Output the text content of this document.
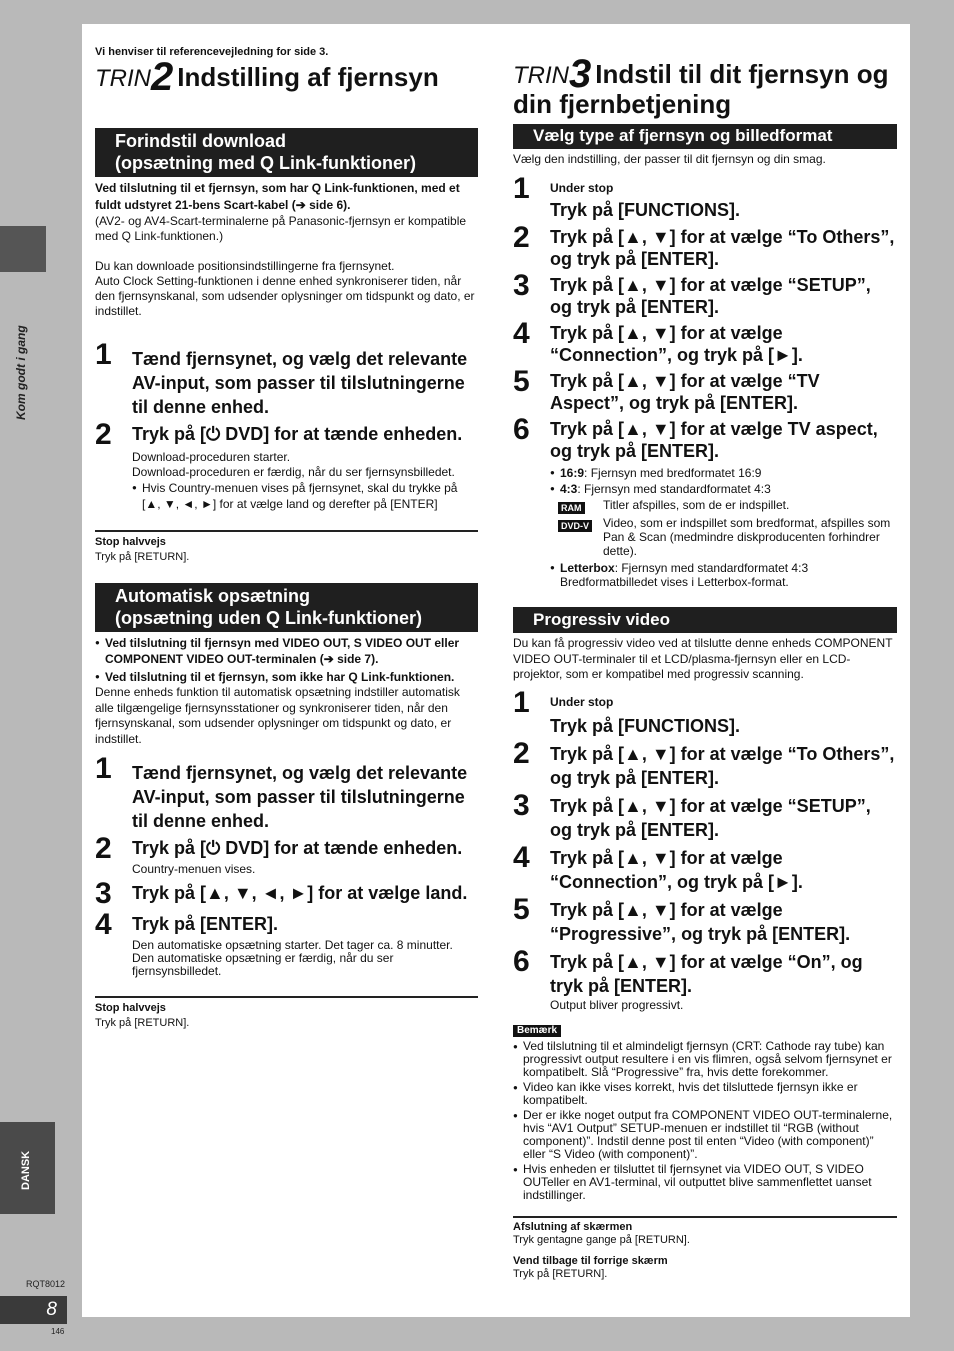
Kom godt i gang
DANSK
RQT8012
8
146
Vi henviser til referencevejledning for side 3.
TRIN2 Indstilling af fjernsyn
Forindstil download
(opsætning med Q Link-funktioner)
Ved tilslutning til et fjernsyn, som har Q Link-funktionen, med et fuldt udstyret 21-bens Scart-kabel (➔ side 6).
(AV2- og AV4-Scart-terminalerne på Panasonic-fjernsyn er kompatible med Q Link-funktionen.)
Du kan downloade positionsindstillingerne fra fjernsynet.
Auto Clock Setting-funktionen i denne enhed synkroniserer tiden, når den fjernsynskanal, som udsender oplysninger om tidspunkt og dato, er indstillet.
1 Tænd fjernsynet, og vælg det relevante AV-input, som passer til tilslutningerne til denne enhed.
2 Tryk på [⏻ DVD] for at tænde enheden.
Download-proceduren starter.
Download-proceduren er færdig, når du ser fjernsynsbilledet.
● Hvis Country-menuen vises på fjernsynet, skal du trykke på [▲, ▼, ◄, ►] for at vælge land og derefter på [ENTER]
Stop halvvejs
Tryk på [RETURN].
Automatisk opsætning
(opsætning uden Q Link-funktioner)
● Ved tilslutning til fjernsyn med VIDEO OUT, S VIDEO OUT eller COMPONENT VIDEO OUT-terminalen (➔ side 7).
● Ved tilslutning til et fjernsyn, som ikke har Q Link-funktionen.
Denne enheds funktion til automatisk opsætning indstiller automatisk alle tilgængelige fjernsynsstationer og synkroniserer tiden, når den fjernsynskanal, som udsender oplysninger om tidspunkt og dato, er indstillet.
1 Tænd fjernsynet, og vælg det relevante AV-input, som passer til tilslutningerne til denne enhed.
2 Tryk på [⏻ DVD] for at tænde enheden.
Country-menuen vises.
3 Tryk på [▲, ▼, ◄, ►] for at vælge land.
4 Tryk på [ENTER].
Den automatiske opsætning starter. Det tager ca. 8 minutter.
Den automatiske opsætning er færdig, når du ser fjernsynsbilledet.
Stop halvvejs
Tryk på [RETURN].
TRIN3 Indstil til dit fjernsyn og
din fjernbetjening
Vælg type af fjernsyn og billedformat
Vælg den indstilling, der passer til dit fjernsyn og din smag.
1 Under stop
Tryk på [FUNCTIONS].
2 Tryk på [▲, ▼] for at vælge “To Others”, og tryk på [ENTER].
3 Tryk på [▲, ▼] for at vælge “SETUP”, og tryk på [ENTER].
4 Tryk på [▲, ▼] for at vælge “Connection”, og tryk på [►].
5 Tryk på [▲, ▼] for at vælge “TV Aspect”, og tryk på [ENTER].
6 Tryk på [▲, ▼] for at vælge TV aspect, og tryk på [ENTER].
● 16:9: Fjernsyn med bredformatet 16:9
● 4:3: Fjernsyn med standardformatet 4:3
RAM	Titler afspilles, som de er indspillet.
DVD-V	Video, som er indspillet som bredformat, afspilles som Pan & Scan (medmindre diskproducenten forhindrer dette).
● Letterbox: Fjernsyn med standardformatet 4:3
Bredformatbilledet vises i Letterbox-format.
Progressiv video
Du kan få progressiv video ved at tilslutte denne enheds COMPONENT VIDEO OUT-terminaler til et LCD/plasma-fjernsyn eller en LCD-projektor, som er kompatibel med progressiv scanning.
1 Under stop
Tryk på [FUNCTIONS].
2 Tryk på [▲, ▼] for at vælge “To Others”, og tryk på [ENTER].
3 Tryk på [▲, ▼] for at vælge “SETUP”, og tryk på [ENTER].
4 Tryk på [▲, ▼] for at vælge “Connection”, og tryk på [►].
5 Tryk på [▲, ▼] for at vælge “Progressive”, og tryk på [ENTER].
6 Tryk på [▲, ▼] for at vælge “On”, og tryk på [ENTER].
Output bliver progressivt.
Bemærk
● Ved tilslutning til et almindeligt fjernsyn (CRT: Cathode ray tube) kan progressivt output resultere i en vis flimren, også selvom fjernsynet er kompatibelt. Slå “Progressive” fra, hvis dette forekommer.
● Video kan ikke vises korrekt, hvis det tilsluttede fjernsyn ikke er kompatibelt.
● Der er ikke noget output fra COMPONENT VIDEO OUT-terminalerne, hvis “AV1 Output” SETUP-menuen er indstillet til “RGB (without component)”. Indstil denne post til enten “Video (with component)” eller “S Video (with component)”.
● Hvis enheden er tilsluttet til fjernsynet via VIDEO OUT, S VIDEO OUTeller en AV1-terminal, vil outputtet blive sammenflettet uanset indstillinger.
Afslutning af skærmen
Tryk gentagne gange på [RETURN].
Vend tilbage til forrige skærm
Tryk på [RETURN].
